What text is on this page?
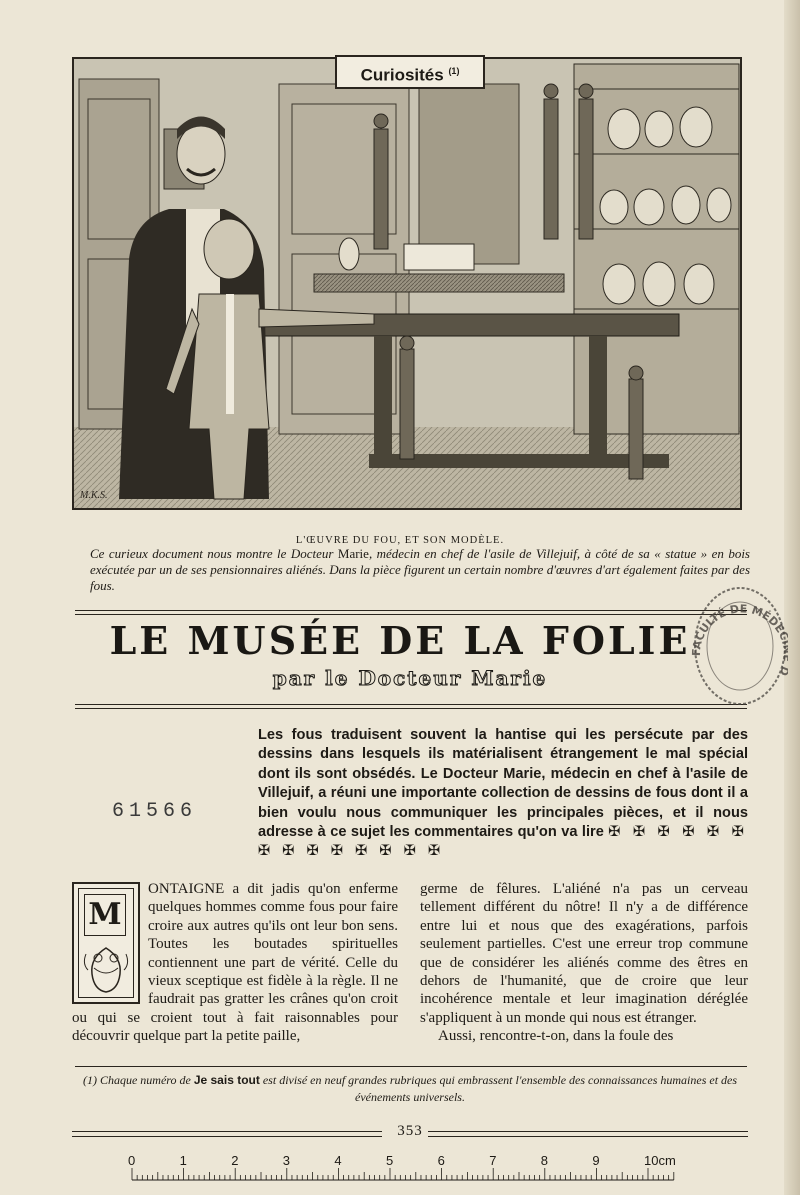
Curiosités $^{(1)}$
M.K.S.
L'ŒUVRE DU FOU, ET SON MODÈLE.
Ce curieux document nous montre le Docteur Marie, médecin en chef de l'asile de Villejuif, à côté de sa « statue » en bois exécutée par un de ses pensionnaires aliénés. Dans la pièce figurent un certain nombre d'œuvres d'art également faites par des fous.
LE MUSÉE DE LA FOLIE
par le Docteur Marie
FACULTÉ DE MÉDE
61566
Les fous traduisent souvent la hantise qui les persécute par des dessins dans lesquels ils matérialisent étrangement le mal spécial dont ils sont obsédés. Le Docteur Marie, médecin en chef à l'asile de Villejuif, a réuni une importante collection de dessins de fous dont il a bien voulu nous communiquer les principales pièces, et il nous adresse à ce sujet les commentaires qu'on va lire ✠ ✠ ✠ ✠ ✠ ✠ ✠ ✠ ✠ ✠ ✠ ✠ ✠ ✠
M
ONTAIGNE a dit jadis qu'on enferme quelques hommes comme fous pour faire croire aux autres qu'ils ont leur bon sens. Toutes les boutades spirituelles contiennent une part de vérité. Celle du vieux sceptique est fidèle à la règle. Il ne faudrait pas gratter les crânes qu'on croit ou qui se croient tout à fait raisonnables pour découvrir quelque part la petite paille,
germe de fêlures. L'aliéné n'a pas un cerveau tellement différent du nôtre! Il n'y a de différence entre lui et nous que des exagérations, parfois seulement partielles. C'est une erreur trop commune que de considérer les aliénés comme des êtres en dehors de l'humanité, que de croire que leur incohérence mentale et leur imagination déréglée s'appliquent à un monde qui nous est étranger.
Aussi, rencontre-t-on, dans la foule des
(1) Chaque numéro de Je sais tout est divisé en neuf grandes rubriques qui embrassent l'ensemble des connaissances humaines et des événements universels.
353
0	1	2	3	4	5	6	7	8	9	10cm
